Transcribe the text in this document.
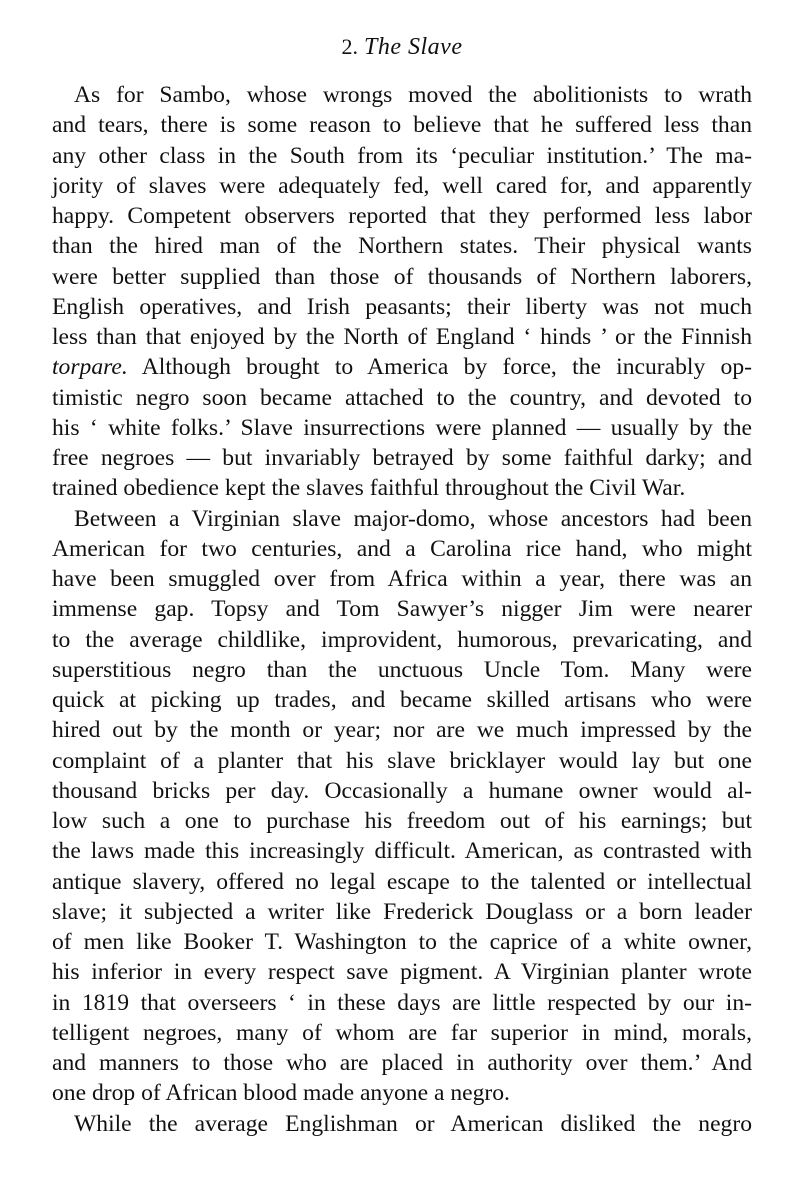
2. The Slave
As for Sambo, whose wrongs moved the abolitionists to wrath
and tears, there is some reason to believe that he suffered less than
any other class in the South from its ‘peculiar institution.’ The ma-
jority of slaves were adequately fed, well cared for, and apparently
happy. Competent observers reported that they performed less labor
than the hired man of the Northern states. Their physical wants
were better supplied than those of thousands of Northern laborers,
English operatives, and Irish peasants; their liberty was not much
less than that enjoyed by the North of England ‘ hinds ’ or the Finnish
torpare. Although brought to America by force, the incurably op-
timistic negro soon became attached to the country, and devoted to
his ‘ white folks.’ Slave insurrections were planned — usually by the
free negroes — but invariably betrayed by some faithful darky; and
trained obedience kept the slaves faithful throughout the Civil War.
Between a Virginian slave major-domo, whose ancestors had been
American for two centuries, and a Carolina rice hand, who might
have been smuggled over from Africa within a year, there was an
immense gap. Topsy and Tom Sawyer’s nigger Jim were nearer
to the average childlike, improvident, humorous, prevaricating, and
superstitious negro than the unctuous Uncle Tom. Many were
quick at picking up trades, and became skilled artisans who were
hired out by the month or year; nor are we much impressed by the
complaint of a planter that his slave bricklayer would lay but one
thousand bricks per day. Occasionally a humane owner would al-
low such a one to purchase his freedom out of his earnings; but
the laws made this increasingly difficult. American, as contrasted with
antique slavery, offered no legal escape to the talented or intellectual
slave; it subjected a writer like Frederick Douglass or a born leader
of men like Booker T. Washington to the caprice of a white owner,
his inferior in every respect save pigment. A Virginian planter wrote
in 1819 that overseers ‘ in these days are little respected by our in-
telligent negroes, many of whom are far superior in mind, morals,
and manners to those who are placed in authority over them.’ And
one drop of African blood made anyone a negro.
While the average Englishman or American disliked the negro
